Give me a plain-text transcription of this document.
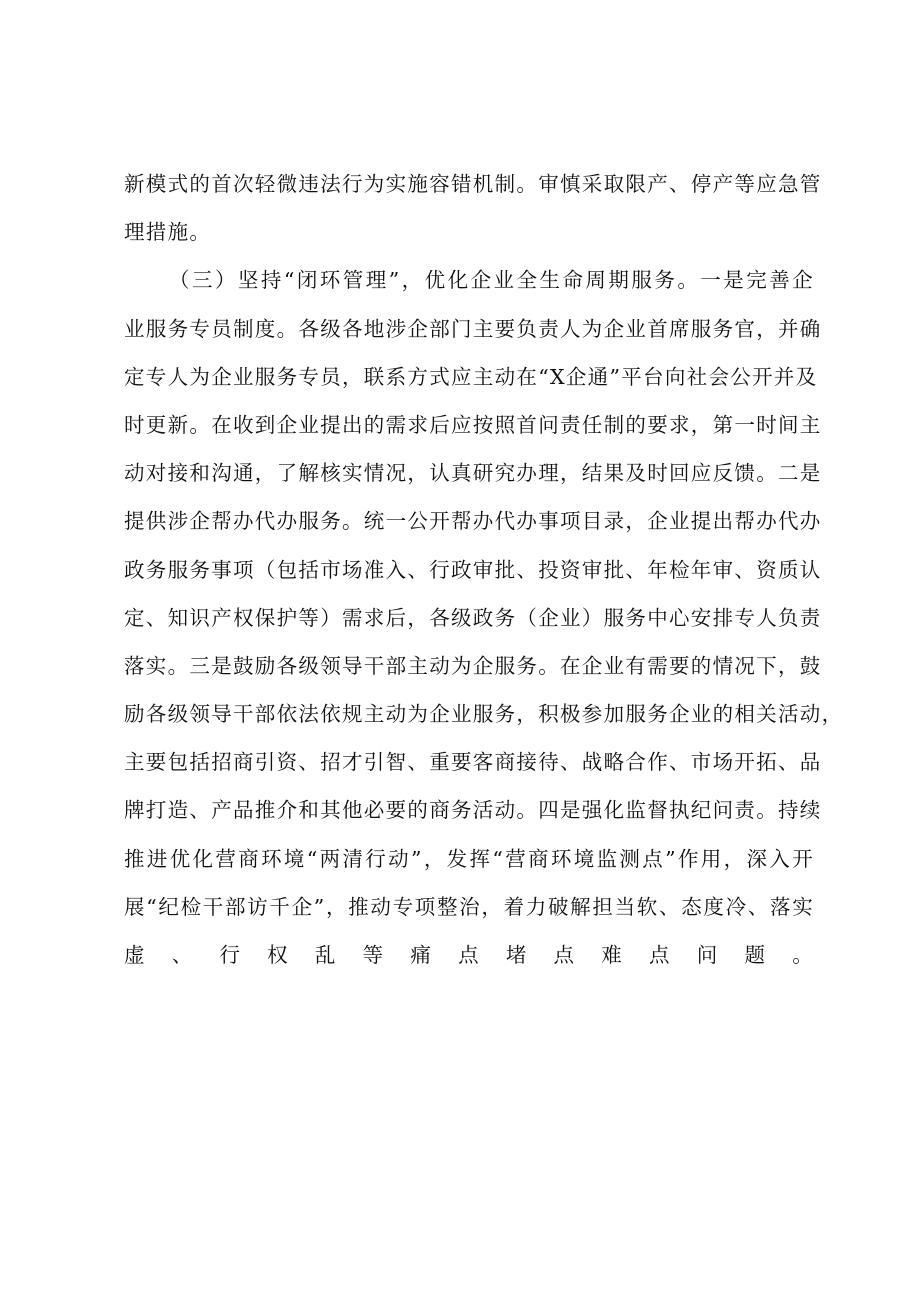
新模式的首次轻微违法行为实施容错机制。审慎采取限产、停产等应急管
理措施。
（三）坚持“闭环管理”，优化企业全生命周期服务。一是完善企
业服务专员制度。各级各地涉企部门主要负责人为企业首席服务官，并确
定专人为企业服务专员，联系方式应主动在“X企通”平台向社会公开并及
时更新。在收到企业提出的需求后应按照首问责任制的要求，第一时间主
动对接和沟通，了解核实情况，认真研究办理，结果及时回应反馈。二是
提供涉企帮办代办服务。统一公开帮办代办事项目录，企业提出帮办代办
政务服务事项（包括市场准入、行政审批、投资审批、年检年审、资质认
定、知识产权保护等）需求后，各级政务（企业）服务中心安排专人负责
落实。三是鼓励各级领导干部主动为企服务。在企业有需要的情况下，鼓
励各级领导干部依法依规主动为企业服务，积极参加服务企业的相关活动，
主要包括招商引资、招才引智、重要客商接待、战略合作、市场开拓、品
牌打造、产品推介和其他必要的商务活动。四是强化监督执纪问责。持续
推进优化营商环境“两清行动”，发挥“营商环境监测点”作用，深入开
展“纪检干部访千企”，推动专项整治，着力破解担当软、态度冷、落实
虚、行权乱等痛点堵点难点问题。
